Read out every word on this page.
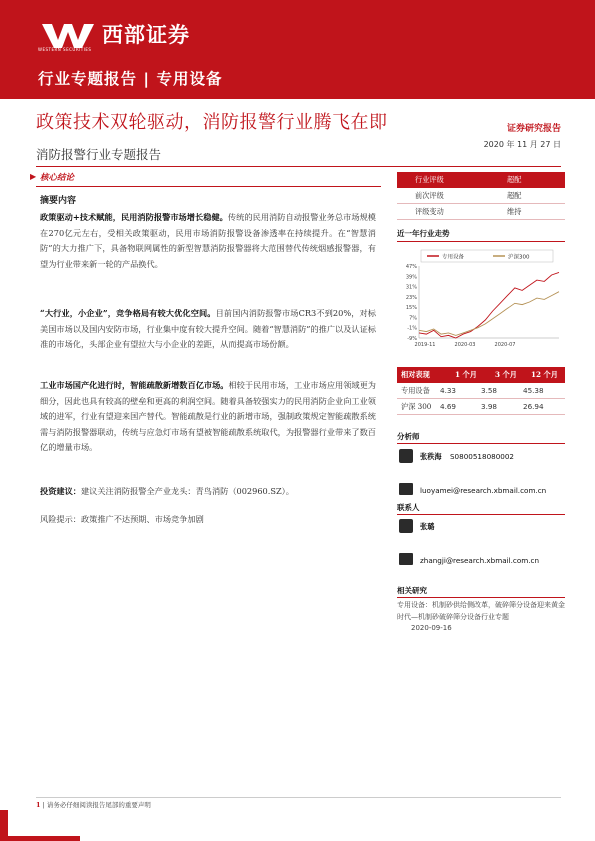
西部证券
WESTERN SECURITIES
行业专题报告 | 专用设备
政策技术双轮驱动，消防报警行业腾飞在即	证券研究报告
2020 年 11 月 27 日
消防报警行业专题报告
▶ 核心结论
摘要内容
政策驱动+技术赋能，民用消防报警市场增长稳健。传统的民用消防自动报警业务总市场规模在270亿元左右，受相关政策驱动，民用市场消防报警设备渗透率在持续提升。在“智慧消防”的大力推广下，具备物联网属性的新型智慧消防报警器将大范围替代传统烟感报警器，有望为行业带来新一轮的产品换代。
“大行业，小企业”，竞争格局有较大优化空间。目前国内消防报警市场CR3不到20%，对标美国市场以及国内安防市场，行业集中度有较大提升空间。随着“智慧消防”的推广以及认证标准的市场化，头部企业有望拉大与小企业的差距，从而提高市场份额。
工业市场国产化进行时，智能疏散新增数百亿市场。相较于民用市场，工业市场应用领域更为细分，因此也具有较高的壁垒和更高的利润空间。随着具备较强实力的民用消防企业向工业领域的进军，行业有望迎来国产替代。智能疏散是行业的新增市场，强制政策规定智能疏散系统需与消防报警器联动，传统与应急灯市场有望被智能疏散系统取代，为报警器行业带来了数百亿的增量市场。
投资建议：建议关注消防报警全产业龙头：青鸟消防（002960.SZ）。
风险提示：政策推广不达预期、市场竞争加剧
行业评级	超配
前次评级	超配
评级变动	维持
近一年行业走势
专用设备	沪深300
47%
39%
31%
23%
15%
7%
-1%
-9%
2019-11	2020-03	2020-07
相对表现	1 个月	3 个月 12 个月
专用设备 4.33	3.58	45.38
沪深 300 4.69	3.98	26.94
分析师
张秩海 S0800518080002
luoyamei@research.xbmail.com.cn
联系人
张璐
zhangji@research.xbmail.com.cn
相关研究
专用设备：机制砂供给侧改革，破碎筛分设备迎来黄金时代—机制砂破碎筛分设备行业专题
2020-09-16
1 | 请务必仔细阅读报告尾部的重要声明
